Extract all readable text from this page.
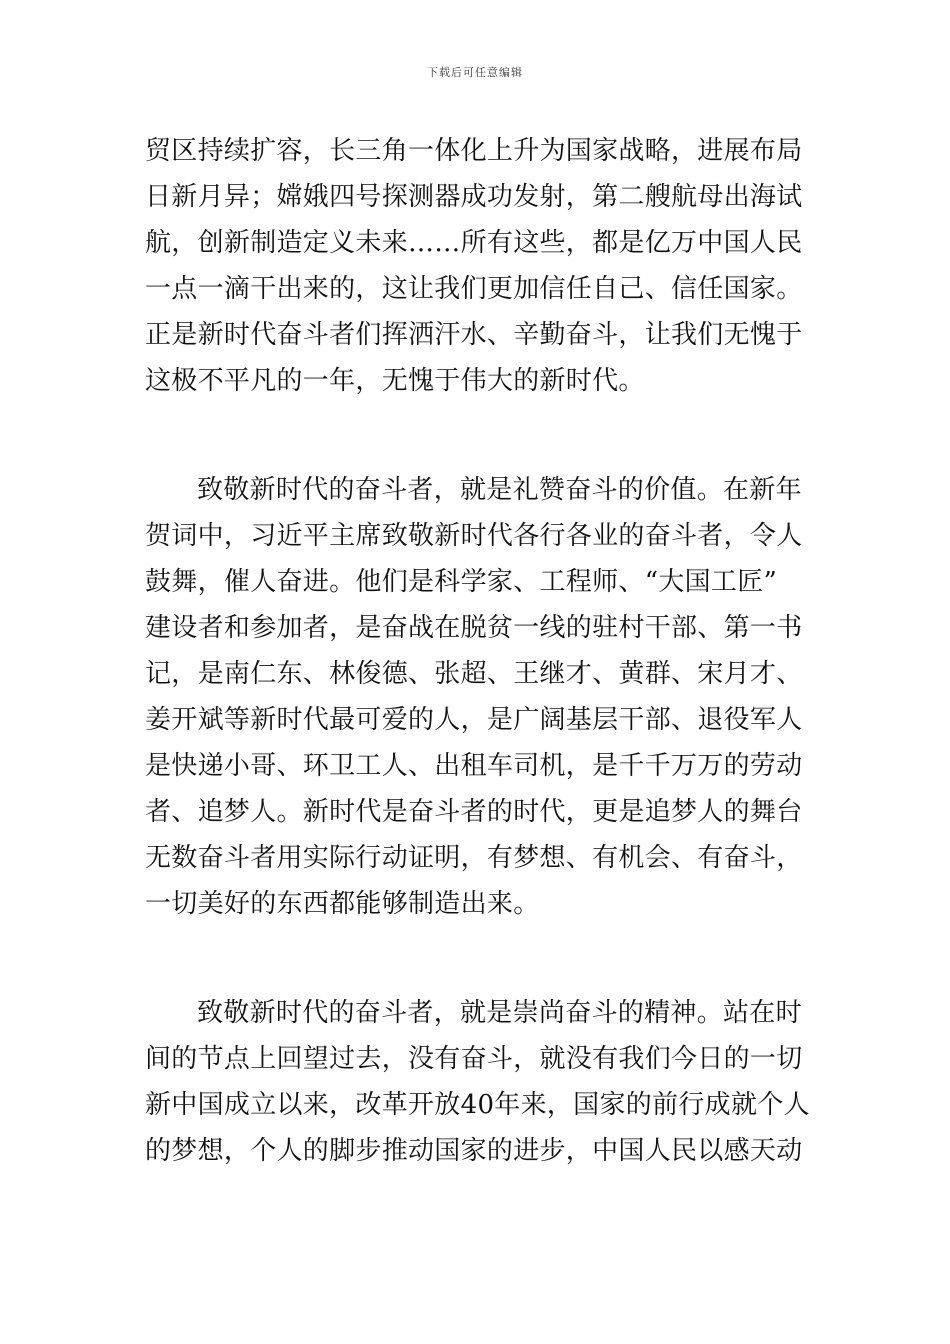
下载后可任意编辑
贸区持续扩容，长三角一体化上升为国家战略，进展布局
日新月异；嫦娥四号探测器成功发射，第二艘航母出海试
航，创新制造定义未来……所有这些，都是亿万中国人民
一点一滴干出来的，这让我们更加信任自己、信任国家。
正是新时代奋斗者们挥洒汗水、辛勤奋斗，让我们无愧于
这极不平凡的一年，无愧于伟大的新时代。
致敬新时代的奋斗者，就是礼赞奋斗的价值。在新年
贺词中，习近平主席致敬新时代各行各业的奋斗者，令人
鼓舞，催人奋进。他们是科学家、工程师、“大国工匠”
建设者和参加者，是奋战在脱贫一线的驻村干部、第一书
记，是南仁东、林俊德、张超、王继才、黄群、宋月才、
姜开斌等新时代最可爱的人，是广阔基层干部、退役军人
是快递小哥、环卫工人、出租车司机，是千千万万的劳动
者、追梦人。新时代是奋斗者的时代，更是追梦人的舞台
无数奋斗者用实际行动证明，有梦想、有机会、有奋斗，
一切美好的东西都能够制造出来。
致敬新时代的奋斗者，就是崇尚奋斗的精神。站在时
间的节点上回望过去，没有奋斗，就没有我们今日的一切
新中国成立以来，改革开放40年来，国家的前行成就个人
的梦想，个人的脚步推动国家的进步，中国人民以感天动
